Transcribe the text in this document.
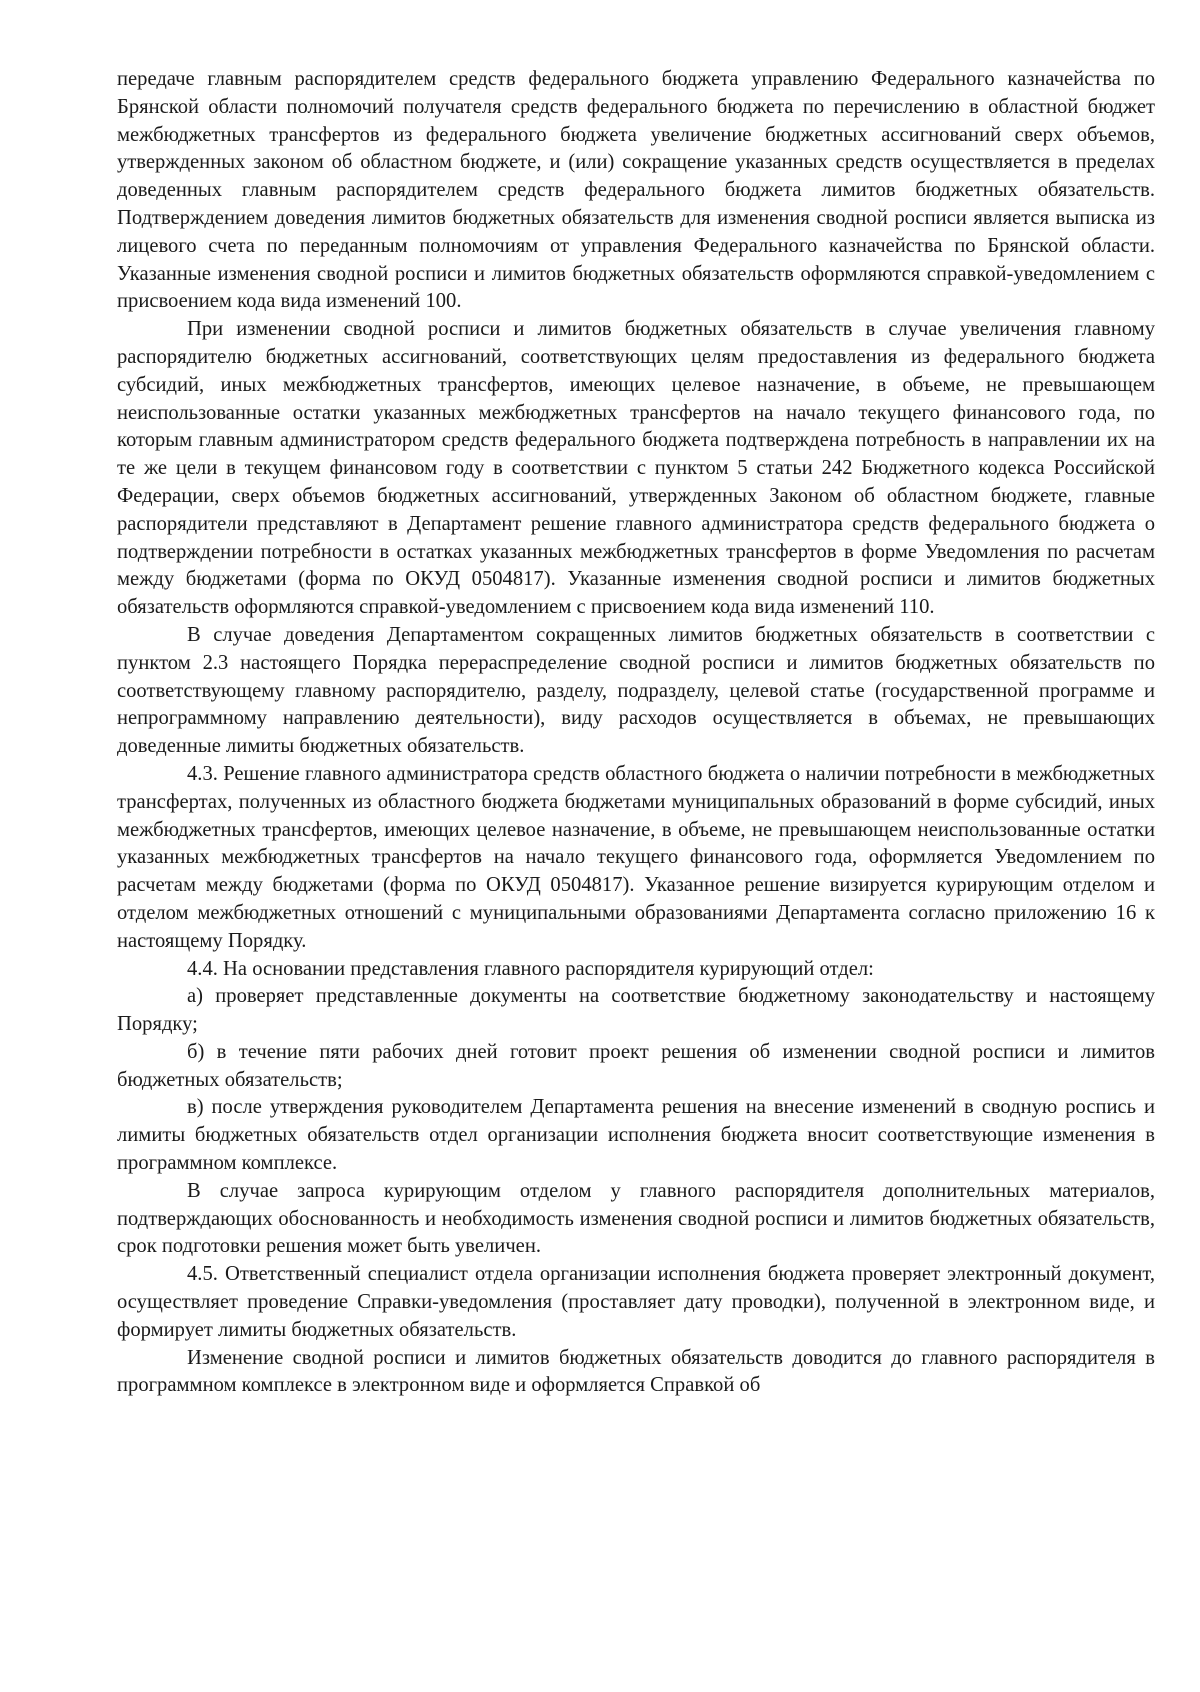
передаче главным распорядителем средств федерального бюджета управлению Федерального казначейства по Брянской области полномочий получателя средств федерального бюджета по перечислению в областной бюджет межбюджетных трансфертов из федерального бюджета увеличение бюджетных ассигнований сверх объемов, утвержденных законом об областном бюджете, и (или) сокращение указанных средств осуществляется в пределах доведенных главным распорядителем средств федерального бюджета лимитов бюджетных обязательств. Подтверждением доведения лимитов бюджетных обязательств для изменения сводной росписи является выписка из лицевого счета по переданным полномочиям от управления Федерального казначейства по Брянской области. Указанные изменения сводной росписи и лимитов бюджетных обязательств оформляются справкой-уведомлением с присвоением кода вида изменений 100.

При изменении сводной росписи и лимитов бюджетных обязательств в случае увеличения главному распорядителю бюджетных ассигнований, соответствующих целям предоставления из федерального бюджета субсидий, иных межбюджетных трансфертов, имеющих целевое назначение, в объеме, не превышающем неиспользованные остатки указанных межбюджетных трансфертов на начало текущего финансового года, по которым главным администратором средств федерального бюджета подтверждена потребность в направлении их на те же цели в текущем финансовом году в соответствии с пунктом 5 статьи 242 Бюджетного кодекса Российской Федерации, сверх объемов бюджетных ассигнований, утвержденных Законом об областном бюджете, главные распорядители представляют в Департамент решение главного администратора средств федерального бюджета о подтверждении потребности в остатках указанных межбюджетных трансфертов в форме Уведомления по расчетам между бюджетами (форма по ОКУД 0504817). Указанные изменения сводной росписи и лимитов бюджетных обязательств оформляются справкой-уведомлением с присвоением кода вида изменений 110.

В случае доведения Департаментом сокращенных лимитов бюджетных обязательств в соответствии с пунктом 2.3 настоящего Порядка перераспределение сводной росписи и лимитов бюджетных обязательств по соответствующему главному распорядителю, разделу, подразделу, целевой статье (государственной программе и непрограммному направлению деятельности), виду расходов осуществляется в объемах, не превышающих доведенные лимиты бюджетных обязательств.

4.3. Решение главного администратора средств областного бюджета о наличии потребности в межбюджетных трансфертах, полученных из областного бюджета бюджетами муниципальных образований в форме субсидий, иных межбюджетных трансфертов, имеющих целевое назначение, в объеме, не превышающем неиспользованные остатки указанных межбюджетных трансфертов на начало текущего финансового года, оформляется Уведомлением по расчетам между бюджетами (форма по ОКУД 0504817). Указанное решение визируется курирующим отделом и отделом межбюджетных отношений с муниципальными образованиями Департамента согласно приложению 16 к настоящему Порядку.

4.4. На основании представления главного распорядителя курирующий отдел:

а) проверяет представленные документы на соответствие бюджетному законодательству и настоящему Порядку;

б) в течение пяти рабочих дней готовит проект решения об изменении сводной росписи и лимитов бюджетных обязательств;

в) после утверждения руководителем Департамента решения на внесение изменений в сводную роспись и лимиты бюджетных обязательств отдел организации исполнения бюджета вносит соответствующие изменения в программном комплексе.

В случае запроса курирующим отделом у главного распорядителя дополнительных материалов, подтверждающих обоснованность и необходимость изменения сводной росписи и лимитов бюджетных обязательств, срок подготовки решения может быть увеличен.

4.5. Ответственный специалист отдела организации исполнения бюджета проверяет электронный документ, осуществляет проведение Справки-уведомления (проставляет дату проводки), полученной в электронном виде, и формирует лимиты бюджетных обязательств.

Изменение сводной росписи и лимитов бюджетных обязательств доводится до главного распорядителя в программном комплексе в электронном виде и оформляется Справкой об
